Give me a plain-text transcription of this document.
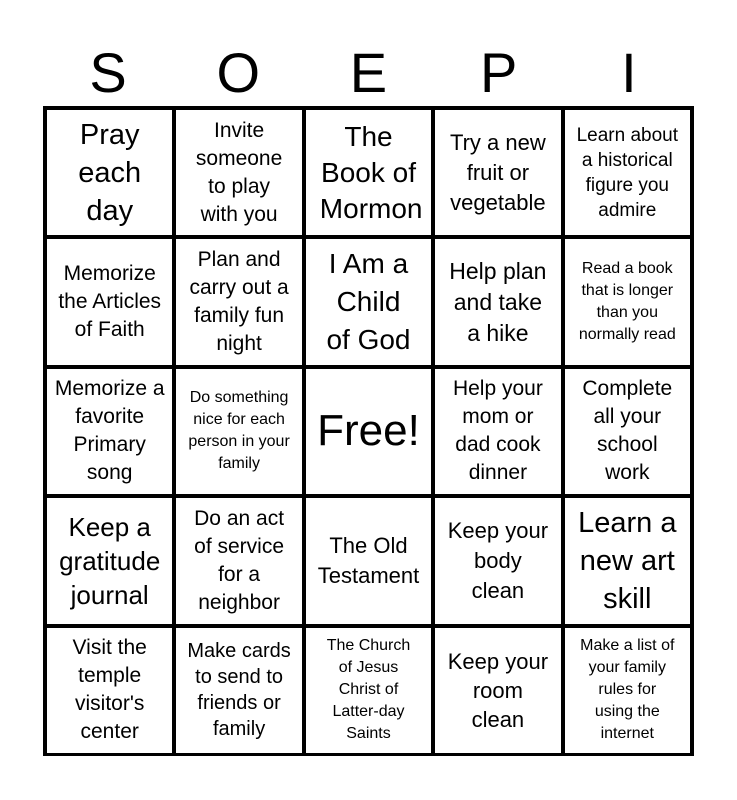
S	O	E	P	I
Pray each day
Invite someone to play with you
The Book of Mormon
Try a new fruit or vegetable
Learn about a historical figure you admire
Memorize the Articles of Faith
Plan and carry out a family fun night
I Am a Child of God
Help plan and take a hike
Read a book that is longer than you normally read
Memorize a favorite Primary song
Do something nice for each person in your family
Free!
Help your mom or dad cook dinner
Complete all your school work
Keep a gratitude journal
Do an act of service for a neighbor
The Old Testament
Keep your body clean
Learn a new art skill
Visit the temple visitor's center
Make cards to send to friends or family
The Church of Jesus Christ of Latter-day Saints
Keep your room clean
Make a list of your family rules for using the internet
